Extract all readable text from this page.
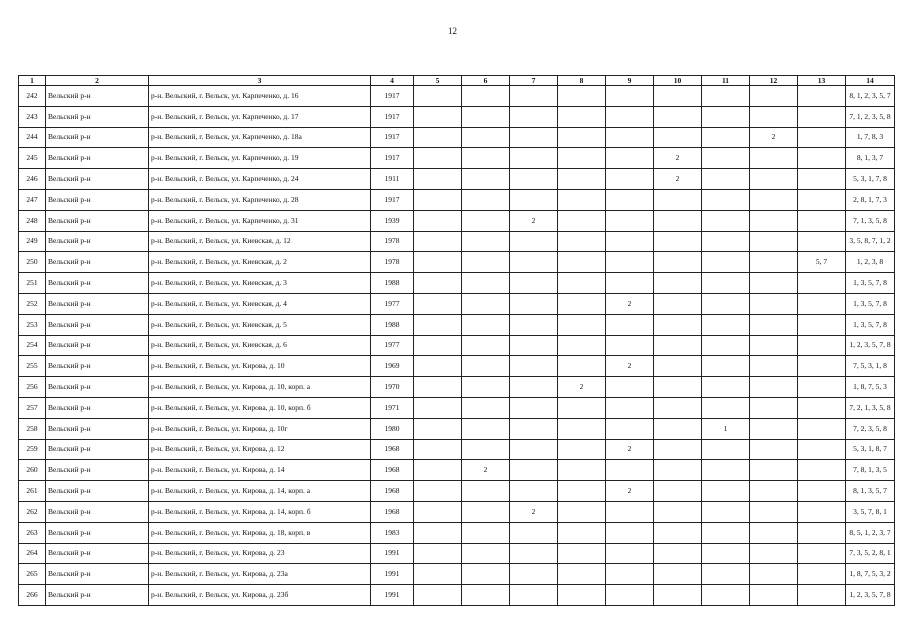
12
1	2	3	4	5	6	7	8	9	10	11	12	13	14
242	Вельский р-н	р-н. Вельский, г. Вельск, ул. Карпеченко, д. 16	1917										8, 1, 2, 3, 5, 7
243	Вельский р-н	р-н. Вельский, г. Вельск, ул. Карпеченко, д. 17	1917										7, 1, 2, 3, 5, 8
244	Вельский р-н	р-н. Вельский, г. Вельск, ул. Карпеченко, д. 18а	1917								2		1, 7, 8, 3
245	Вельский р-н	р-н. Вельский, г. Вельск, ул. Карпеченко, д. 19	1917						2				8, 1, 3, 7
246	Вельский р-н	р-н. Вельский, г. Вельск, ул. Карпеченко, д. 24	1911						2				5, 3, 1, 7, 8
247	Вельский р-н	р-н. Вельский, г. Вельск, ул. Карпеченко, д. 28	1917										2, 8, 1, 7, 3
248	Вельский р-н	р-н. Вельский, г. Вельск, ул. Карпеченко, д. 31	1939			2							7, 1, 3, 5, 8
249	Вельский р-н	р-н. Вельский, г. Вельск, ул. Киевская, д. 12	1978										3, 5, 8, 7, 1, 2
250	Вельский р-н	р-н. Вельский, г. Вельск, ул. Киевская, д. 2	1978									5, 7	1, 2, 3, 8
251	Вельский р-н	р-н. Вельский, г. Вельск, ул. Киевская, д. 3	1988										1, 3, 5, 7, 8
252	Вельский р-н	р-н. Вельский, г. Вельск, ул. Киевская, д. 4	1977					2					1, 3, 5, 7, 8
253	Вельский р-н	р-н. Вельский, г. Вельск, ул. Киевская, д. 5	1988										1, 3, 5, 7, 8
254	Вельский р-н	р-н. Вельский, г. Вельск, ул. Киевская, д. 6	1977										1, 2, 3, 5, 7, 8
255	Вельский р-н	р-н. Вельский, г. Вельск, ул. Кирова, д. 10	1969					2					7, 5, 3, 1, 8
256	Вельский р-н	р-н. Вельский, г. Вельск, ул. Кирова, д. 10, корп. а	1970				2						1, 8, 7, 5, 3
257	Вельский р-н	р-н. Вельский, г. Вельск, ул. Кирова, д. 10, корп. б	1971										7, 2, 1, 3, 5, 8
258	Вельский р-н	р-н. Вельский, г. Вельск, ул. Кирова, д. 10г	1980							1			7, 2, 3, 5, 8
259	Вельский р-н	р-н. Вельский, г. Вельск, ул. Кирова, д. 12	1968					2					5, 3, 1, 8, 7
260	Вельский р-н	р-н. Вельский, г. Вельск, ул. Кирова, д. 14	1968		2								7, 8, 1, 3, 5
261	Вельский р-н	р-н. Вельский, г. Вельск, ул. Кирова, д. 14, корп. а	1968					2					8, 1, 3, 5, 7
262	Вельский р-н	р-н. Вельский, г. Вельск, ул. Кирова, д. 14, корп. б	1968			2							3, 5, 7, 8, 1
263	Вельский р-н	р-н. Вельский, г. Вельск, ул. Кирова, д. 18, корп. в	1983										8, 5, 1, 2, 3, 7
264	Вельский р-н	р-н. Вельский, г. Вельск, ул. Кирова, д. 23	1991										7, 3, 5, 2, 8, 1
265	Вельский р-н	р-н. Вельский, г. Вельск, ул. Кирова, д. 23а	1991										1, 8, 7, 5, 3, 2
266	Вельский р-н	р-н. Вельский, г. Вельск, ул. Кирова, д. 23б	1991										1, 2, 3, 5, 7, 8
